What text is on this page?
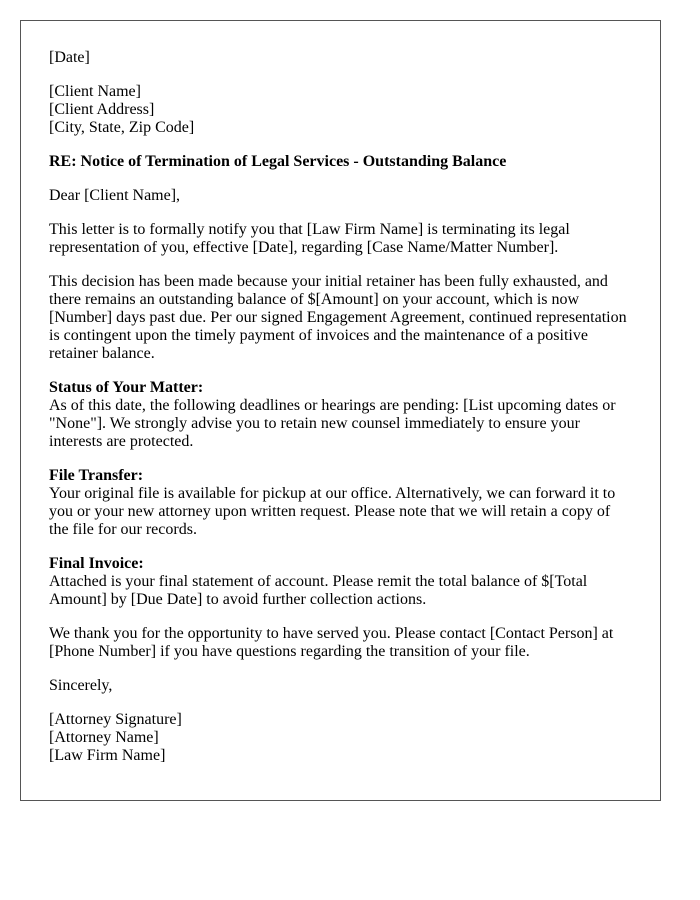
[Date]
[Client Name]
[Client Address]
[City, State, Zip Code]
RE: Notice of Termination of Legal Services - Outstanding Balance
Dear [Client Name],
This letter is to formally notify you that [Law Firm Name] is terminating its legal representation of you, effective [Date], regarding [Case Name/Matter Number].
This decision has been made because your initial retainer has been fully exhausted, and there remains an outstanding balance of $[Amount] on your account, which is now [Number] days past due. Per our signed Engagement Agreement, continued representation is contingent upon the timely payment of invoices and the maintenance of a positive retainer balance.
Status of Your Matter:
As of this date, the following deadlines or hearings are pending: [List upcoming dates or "None"]. We strongly advise you to retain new counsel immediately to ensure your interests are protected.
File Transfer:
Your original file is available for pickup at our office. Alternatively, we can forward it to you or your new attorney upon written request. Please note that we will retain a copy of the file for our records.
Final Invoice:
Attached is your final statement of account. Please remit the total balance of $[Total Amount] by [Due Date] to avoid further collection actions.
We thank you for the opportunity to have served you. Please contact [Contact Person] at [Phone Number] if you have questions regarding the transition of your file.
Sincerely,
[Attorney Signature]
[Attorney Name]
[Law Firm Name]
